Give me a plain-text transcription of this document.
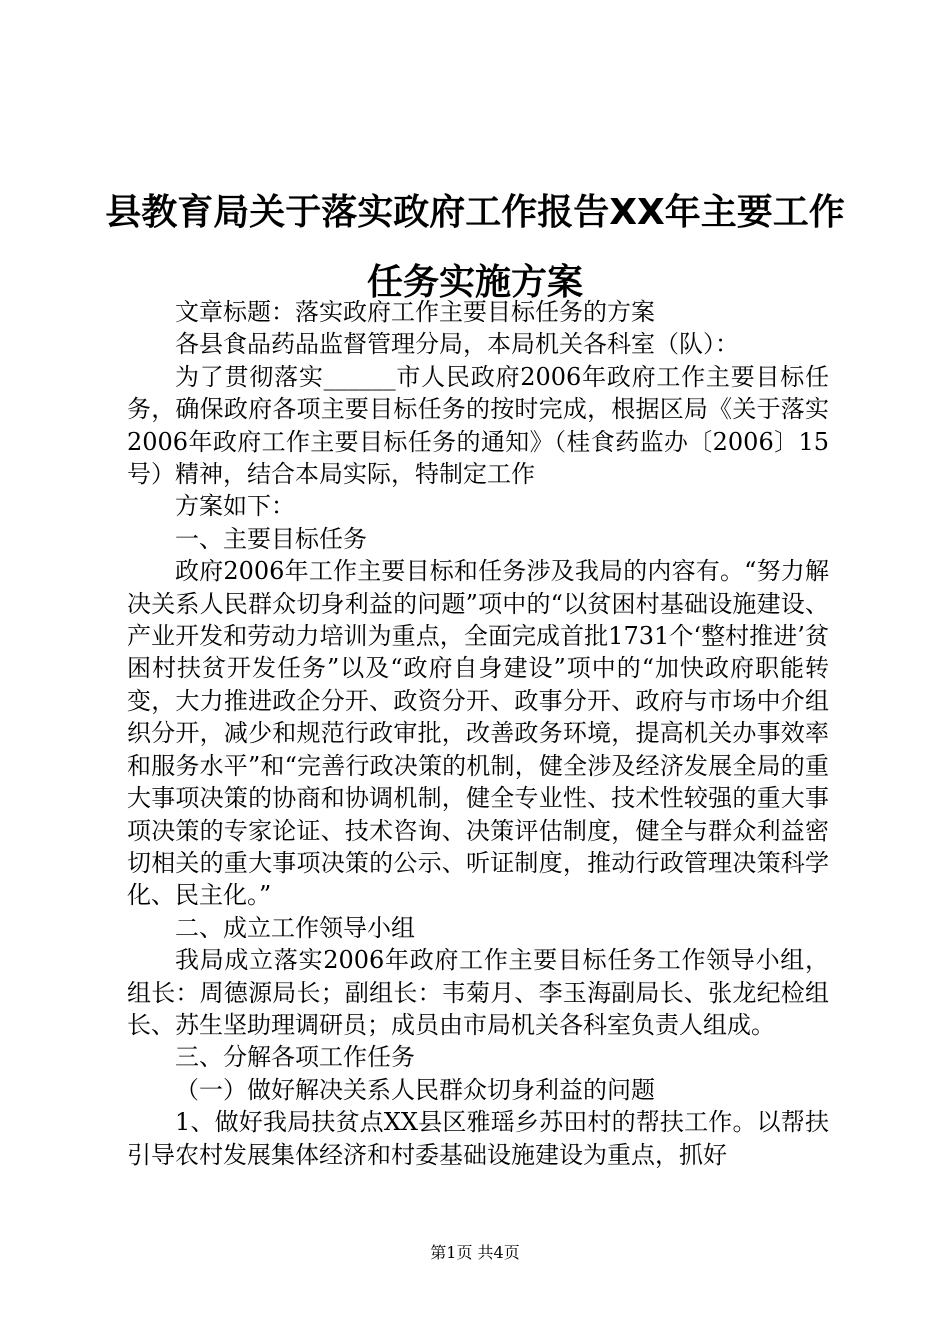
县教育局关于落实政府工作报告XX年主要工作任务实施方案

文章标题：落实政府工作主要目标任务的方案

各县食品药品监督管理分局，本局机关各科室（队）：

为了贯彻落实______市人民政府2006年政府工作主要目标任务，确保政府各项主要目标任务的按时完成，根据区局《关于落实2006年政府工作主要目标任务的通知》（桂食药监办〔2006〕15号）精神，结合本局实际，特制定工作

方案如下：

一、主要目标任务

政府2006年工作主要目标和任务涉及我局的内容有。“努力解决关系人民群众切身利益的问题”项中的“以贫困村基础设施建设、产业开发和劳动力培训为重点，全面完成首批1731个‘整村推进’贫困村扶贫开发任务”以及“政府自身建设”项中的“加快政府职能转变，大力推进政企分开、政资分开、政事分开、政府与市场中介组织分开，减少和规范行政审批，改善政务环境，提高机关办事效率和服务水平”和“完善行政决策的机制，健全涉及经济发展全局的重大事项决策的协商和协调机制，健全专业性、技术性较强的重大事项决策的专家论证、技术咨询、决策评估制度，健全与群众利益密切相关的重大事项决策的公示、听证制度，推动行政管理决策科学化、民主化。”

二、成立工作领导小组

我局成立落实2006年政府工作主要目标任务工作领导小组，组长：周德源局长；副组长：韦菊月、李玉海副局长、张龙纪检组长、苏生坚助理调研员；成员由市局机关各科室负责人组成。

三、分解各项工作任务

（一）做好解决关系人民群众切身利益的问题

1、做好我局扶贫点XX县区雅瑶乡苏田村的帮扶工作。以帮扶引导农村发展集体经济和村委基础设施建设为重点，抓好

第1页 共4页
